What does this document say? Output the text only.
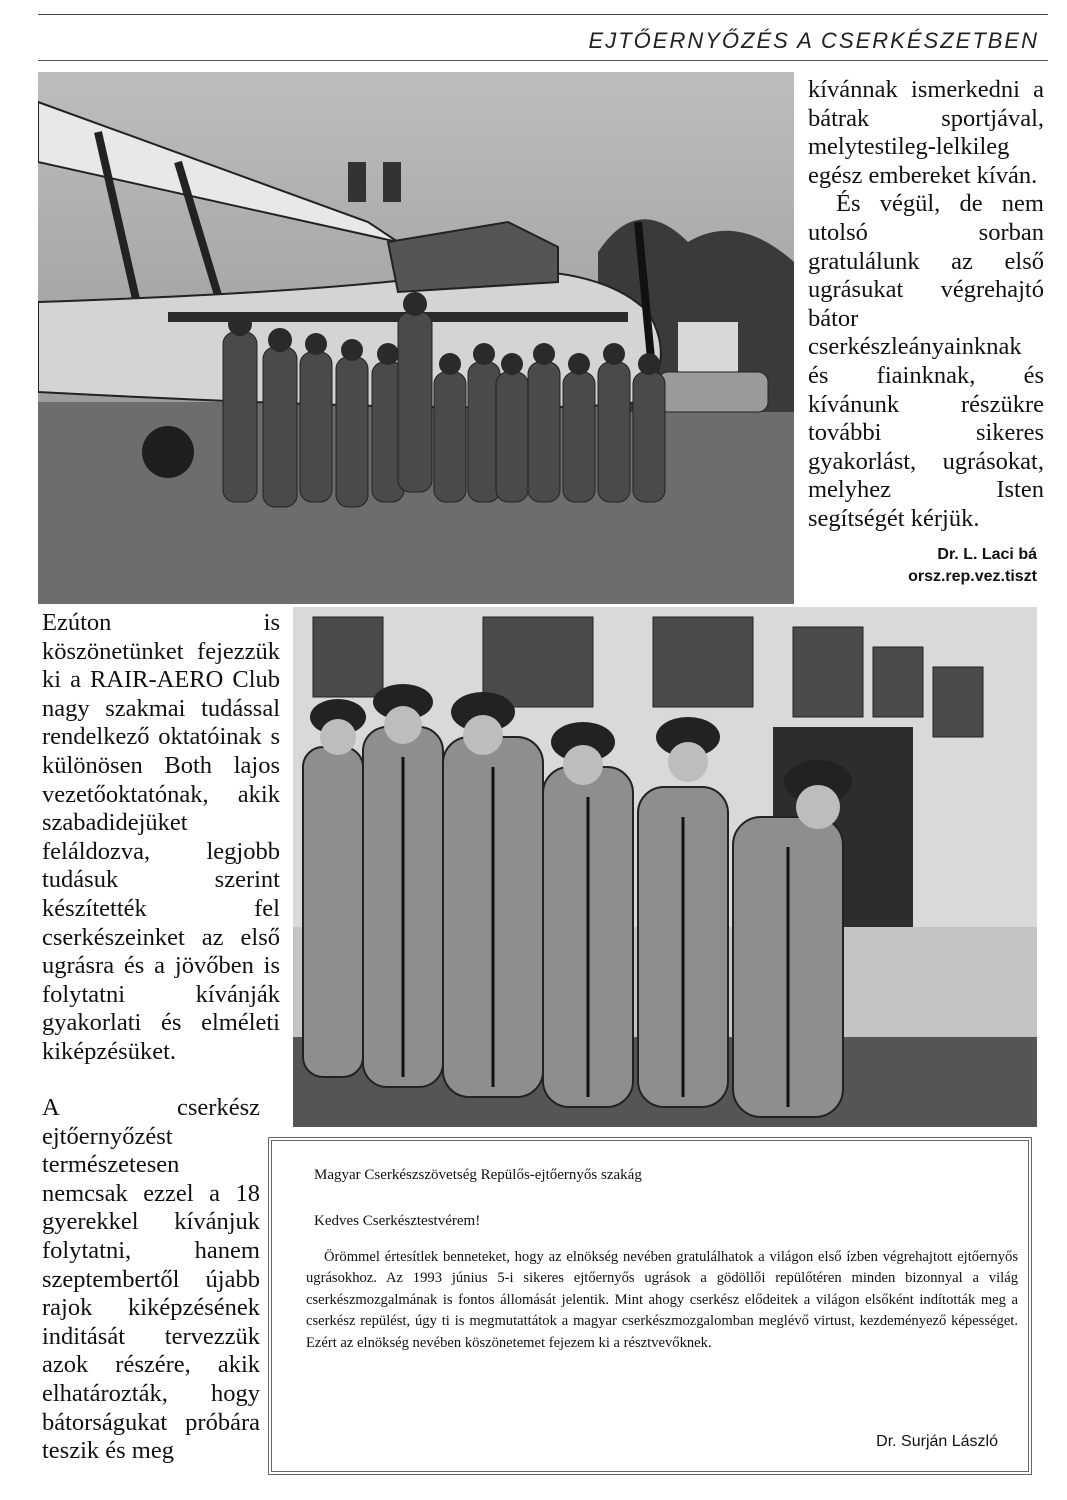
EJTŐERNYŐZÉS A CSERKÉSZETBEN

kívánnak ismerkedni a bátrak sportjával, melytestileg-lelkileg egész embereket kíván.

És végül, de nem utolsó sorban gratulálunk az első ugrásukat végrehajtó bátor cserkészleányainknak és fiainknak, és kívánunk részükre további sikeres gyakorlást, ugrásokat, melyhez Isten segítségét kérjük.

Dr. L. Laci bá
orsz.rep.vez.tiszt

Ezúton is köszönetünket fejezzük ki a RAIR-AERO Club nagy szakmai tudással rendelkező oktatóinak s különösen Both lajos vezetőoktatónak, akik szabadidejüket feláldozva, legjobb tudásuk szerint készítették fel cserkészeinket az első ugrásra és a jövőben is folytatni kívánják gyakorlati és elméleti kiképzésüket.

A cserkész ejtőernyőzést természetesen nemcsak ezzel a 18 gyerekkel kívánjuk folytatni, hanem szeptembertől újabb rajok kiképzésének inditását tervezzük azok részére, akik elhatározták, hogy bátorságukat próbára teszik és meg

Magyar Cserkészszövetség Repülős-ejtőernyős szakág
Kedves Cserkésztestvérem!
Örömmel értesítlek benneteket, hogy az elnökség nevében gratulálhatok a világon első ízben végrehajtott ejtőernyős ugrásokhoz. Az 1993 június 5-i sikeres ejtőernyős ugrások a gödöllői repülőtéren minden bizonnyal a világ cserkészmozgalmának is fontos állomását jelentik. Mint ahogy cserkész elődeitek a világon elsőként indították meg a cserkész repülést, úgy ti is megmutattátok a magyar cserkészmozgalomban meglévő virtust, kezdeményező képességet. Ezért az elnökség nevében köszönetemet fejezem ki a résztvevőknek.
Dr. Surján László
